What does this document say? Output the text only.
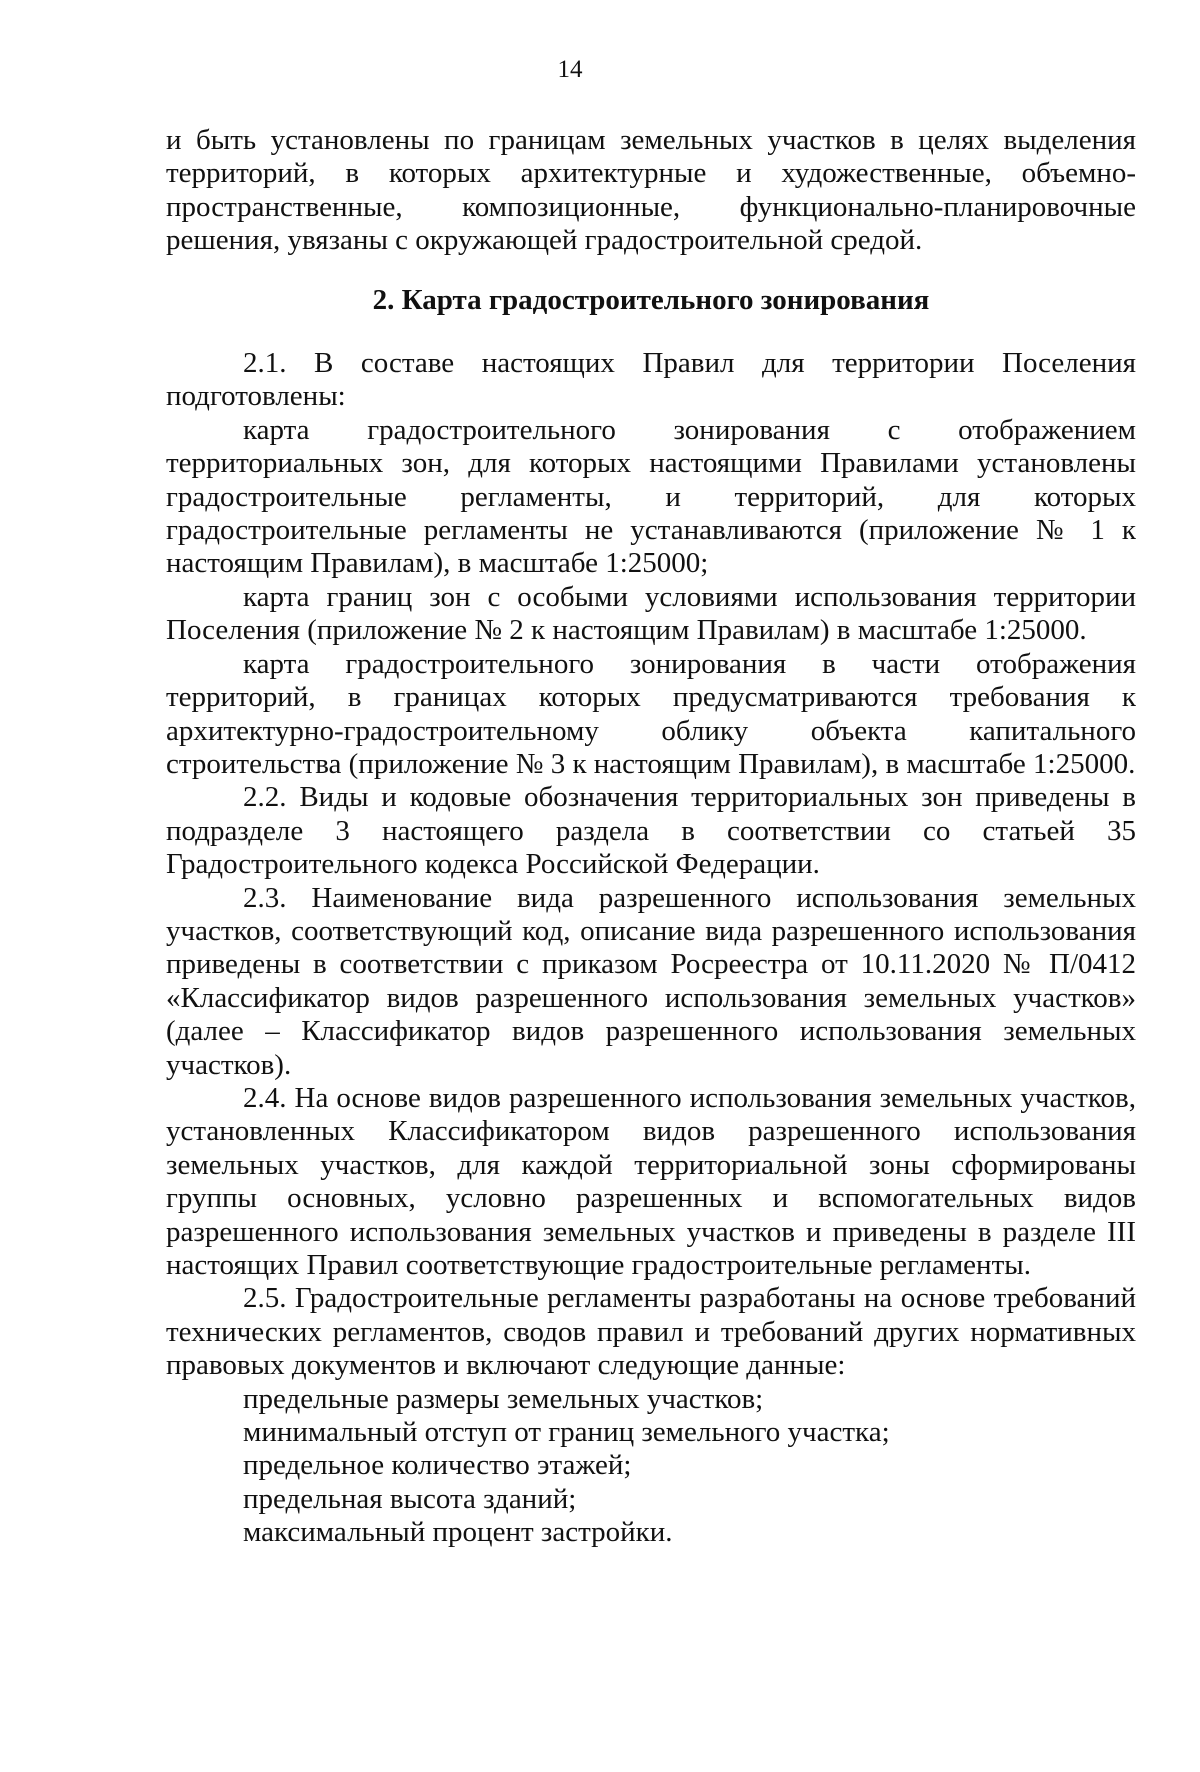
14

и быть установлены по границам земельных участков в целях выделения территорий, в которых архитектурные и художественные, объемно-пространственные, композиционные, функционально-планировочные решения, увязаны с окружающей градостроительной средой.

2. Карта градостроительного зонирования

2.1. В составе настоящих Правил для территории Поселения подготовлены:

карта градостроительного зонирования с отображением территориальных зон, для которых настоящими Правилами установлены градостроительные регламенты, и территорий, для которых градостроительные регламенты не устанавливаются (приложение № 1 к настоящим Правилам), в масштабе 1:25000;

карта границ зон с особыми условиями использования территории Поселения (приложение № 2 к настоящим Правилам) в масштабе 1:25000.

карта градостроительного зонирования в части отображения территорий, в границах которых предусматриваются требования к архитектурно-градостроительному облику объекта капитального строительства (приложение № 3 к настоящим Правилам), в масштабе 1:25000.

2.2. Виды и кодовые обозначения территориальных зон приведены в подразделе 3 настоящего раздела в соответствии со статьей 35 Градостроительного кодекса Российской Федерации.

2.3. Наименование вида разрешенного использования земельных участков, соответствующий код, описание вида разрешенного использования приведены в соответствии с приказом Росреестра от 10.11.2020 № П/0412 «Классификатор видов разрешенного использования земельных участков» (далее – Классификатор видов разрешенного использования земельных участков).

2.4. На основе видов разрешенного использования земельных участков, установленных Классификатором видов разрешенного использования земельных участков, для каждой территориальной зоны сформированы группы основных, условно разрешенных и вспомогательных видов разрешенного использования земельных участков и приведены в разделе III настоящих Правил соответствующие градостроительные регламенты.

2.5. Градостроительные регламенты разработаны на основе требований технических регламентов, сводов правил и требований других нормативных правовых документов и включают следующие данные:

предельные размеры земельных участков;

минимальный отступ от границ земельного участка;

предельное количество этажей;

предельная высота зданий;

максимальный процент застройки.
